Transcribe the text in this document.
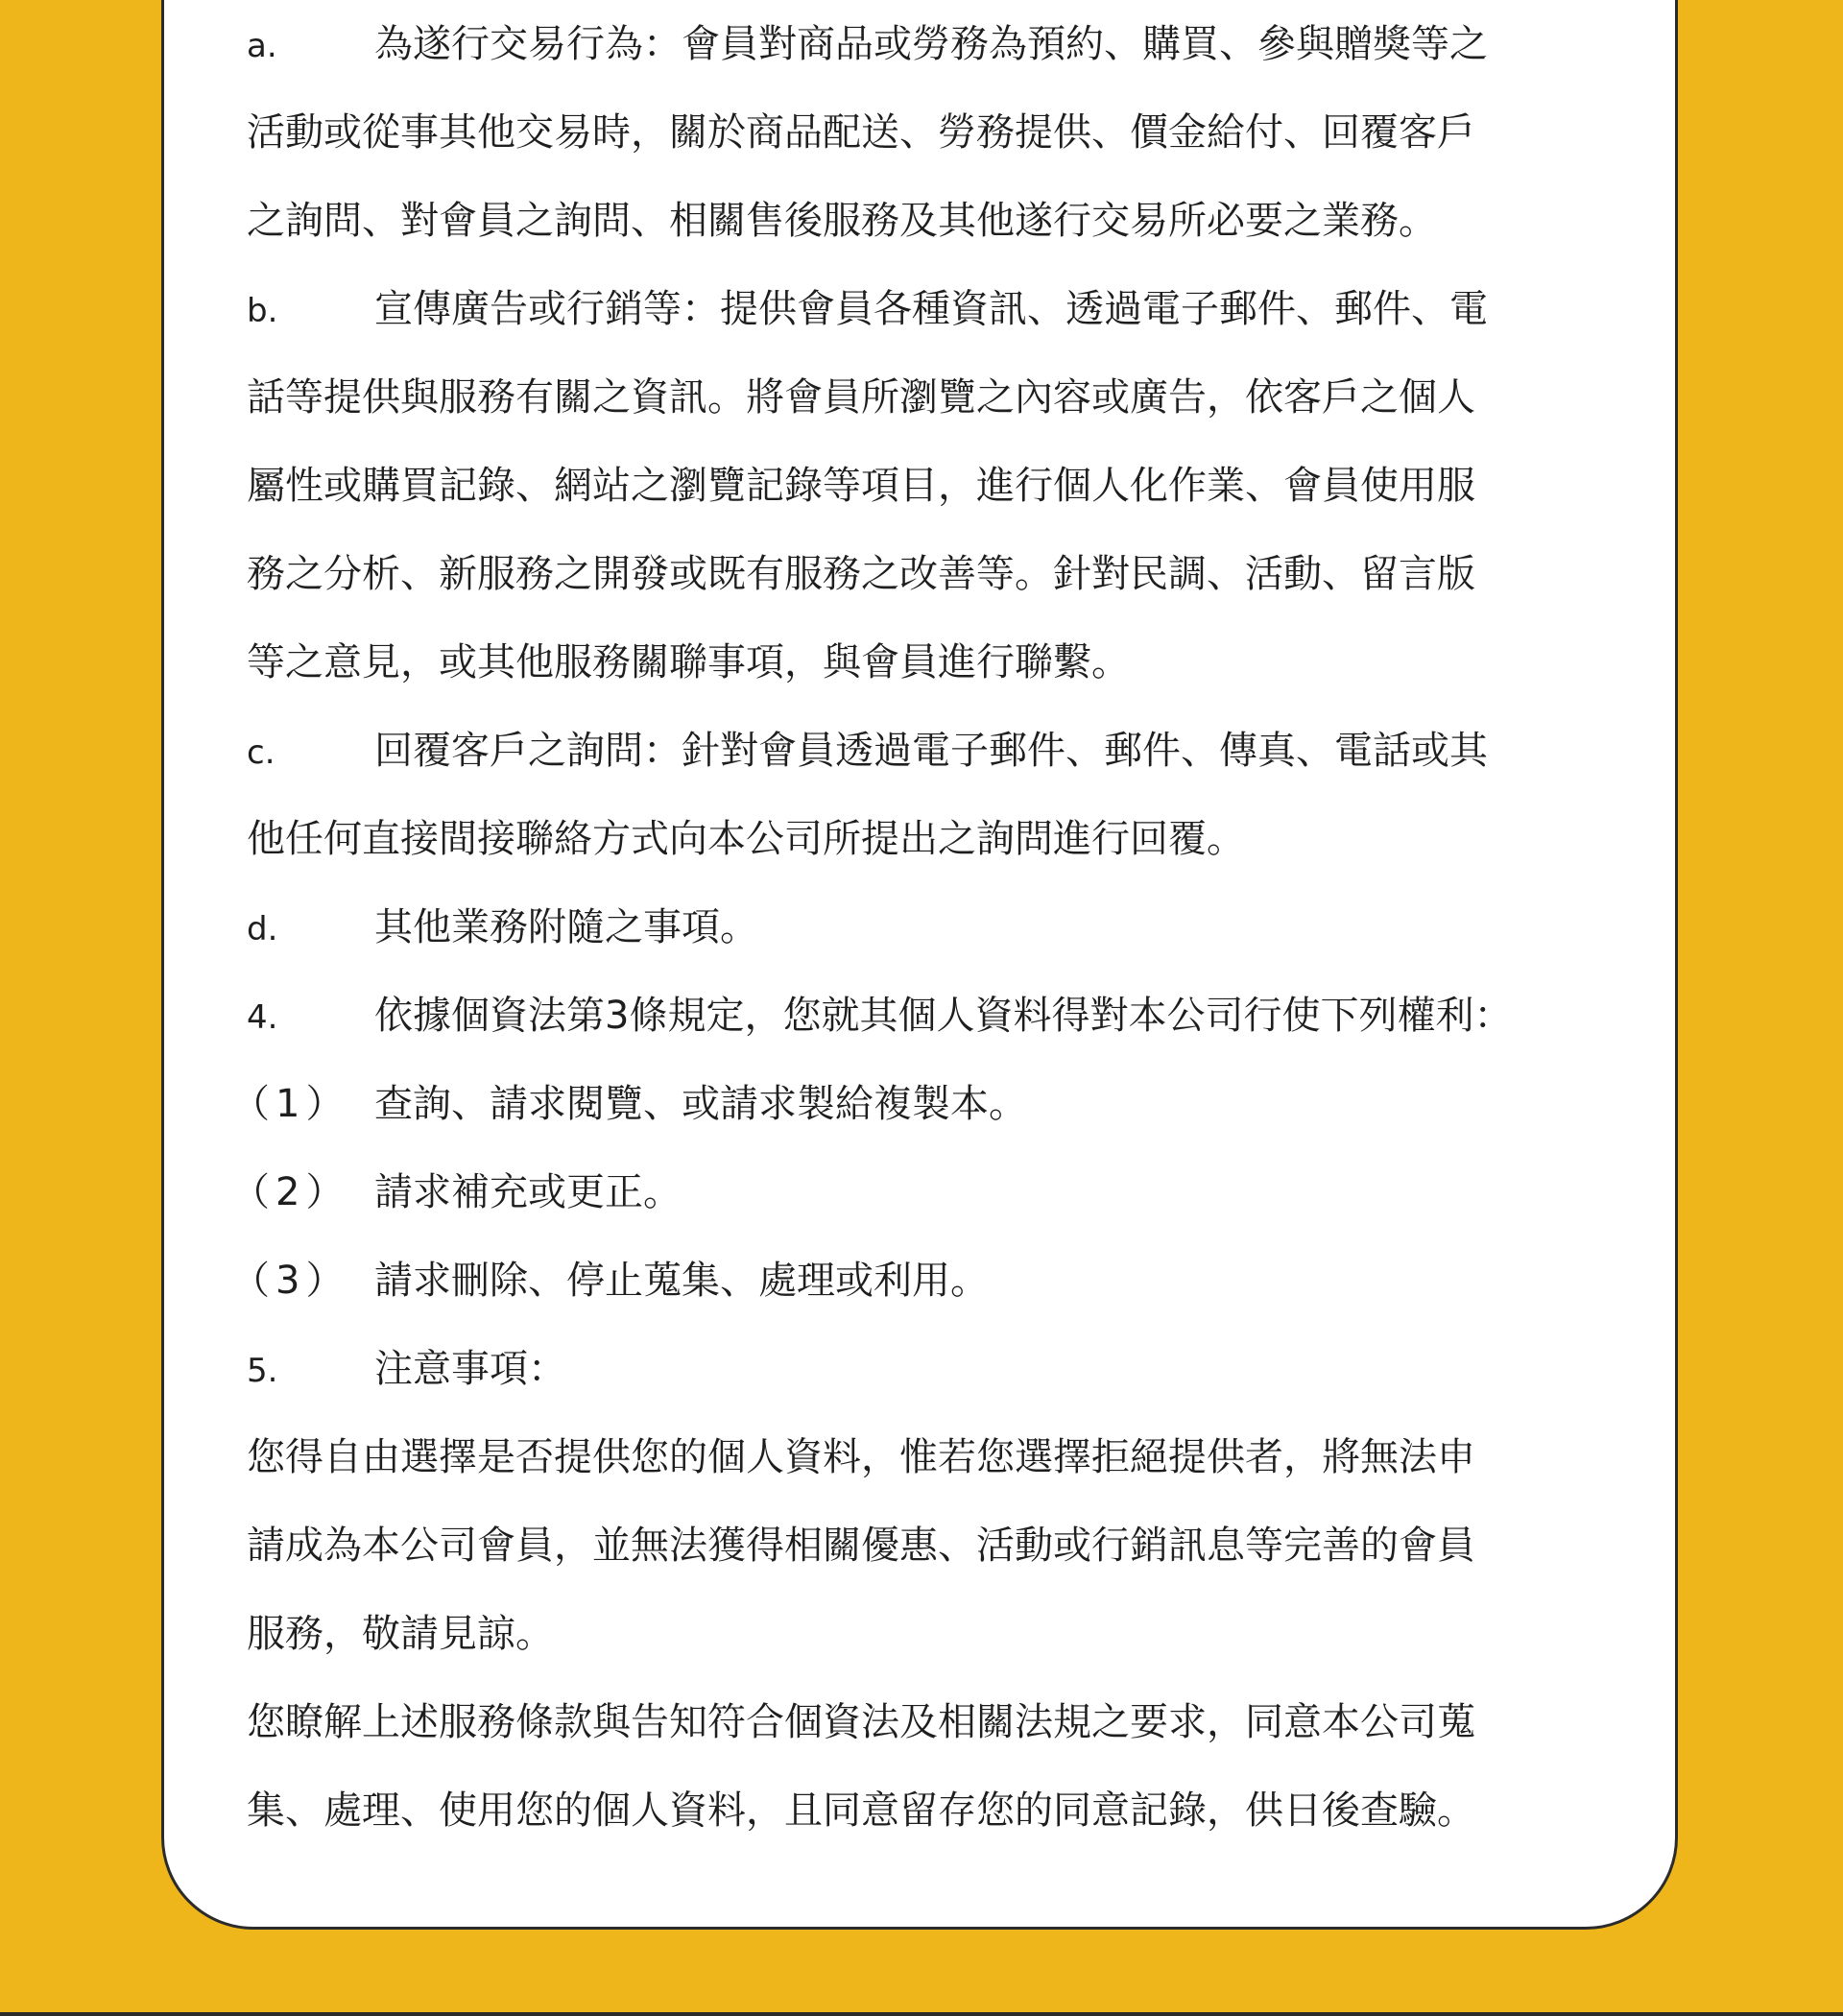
a.	為遂行交易行為：會員對商品或勞務為預約、購買、參與贈獎等之
活動或從事其他交易時，關於商品配送、勞務提供、價金給付、回覆客戶
之詢問、對會員之詢問、相關售後服務及其他遂行交易所必要之業務。
b.	宣傳廣告或行銷等：提供會員各種資訊、透過電子郵件、郵件、電
話等提供與服務有關之資訊。將會員所瀏覽之內容或廣告，依客戶之個人
屬性或購買記錄、網站之瀏覽記錄等項目，進行個人化作業、會員使用服
務之分析、新服務之開發或既有服務之改善等。針對民調、活動、留言版
等之意見，或其他服務關聯事項，與會員進行聯繫。
c.	回覆客戶之詢問：針對會員透過電子郵件、郵件、傳真、電話或其
他任何直接間接聯絡方式向本公司所提出之詢問進行回覆。
d.	其他業務附隨之事項。
4.	依據個資法第3條規定，您就其個人資料得對本公司行使下列權利：
（1） 查詢、請求閱覽、或請求製給複製本。
（2） 請求補充或更正。
（3） 請求刪除、停止蒐集、處理或利用。
5.	注意事項：
您得自由選擇是否提供您的個人資料，惟若您選擇拒絕提供者，將無法申
請成為本公司會員，並無法獲得相關優惠、活動或行銷訊息等完善的會員
服務，敬請見諒。
您瞭解上述服務條款與告知符合個資法及相關法規之要求，同意本公司蒐
集、處理、使用您的個人資料，且同意留存您的同意記錄，供日後查驗。
